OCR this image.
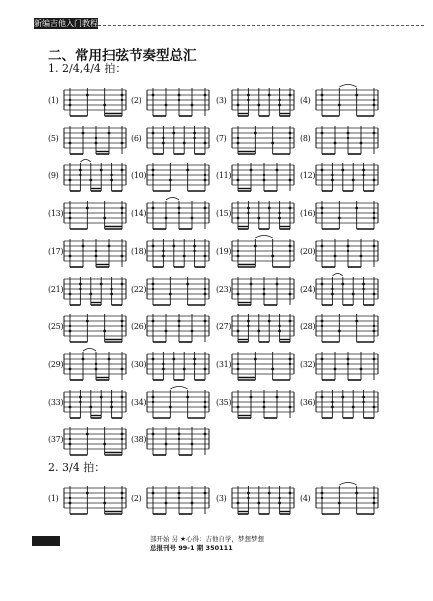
新编吉他入门教程
二、常用扫弦节奏型总汇
1. 2/4,4/4 拍：
2. 3/4 拍：
(1)	(2)	(3)	(4)
(5)	(6)	(7)	(8)
(9)	(10)	(11)	(12)
(13)	(14)	(15)	(16)
(17)	(18)	(19)	(20)
(21)	(22)	(23)	(24)
(25)	(26)	(27)	(28)
(29)	(30)	(31)	(32)
(33)	(34)	(35)	(36)
(37)	(38)
(1)	(2)	(3)	(4)
部开始 另 ★心得：吉他自学，梦想梦想
总报刊号 99-1 期 350111
